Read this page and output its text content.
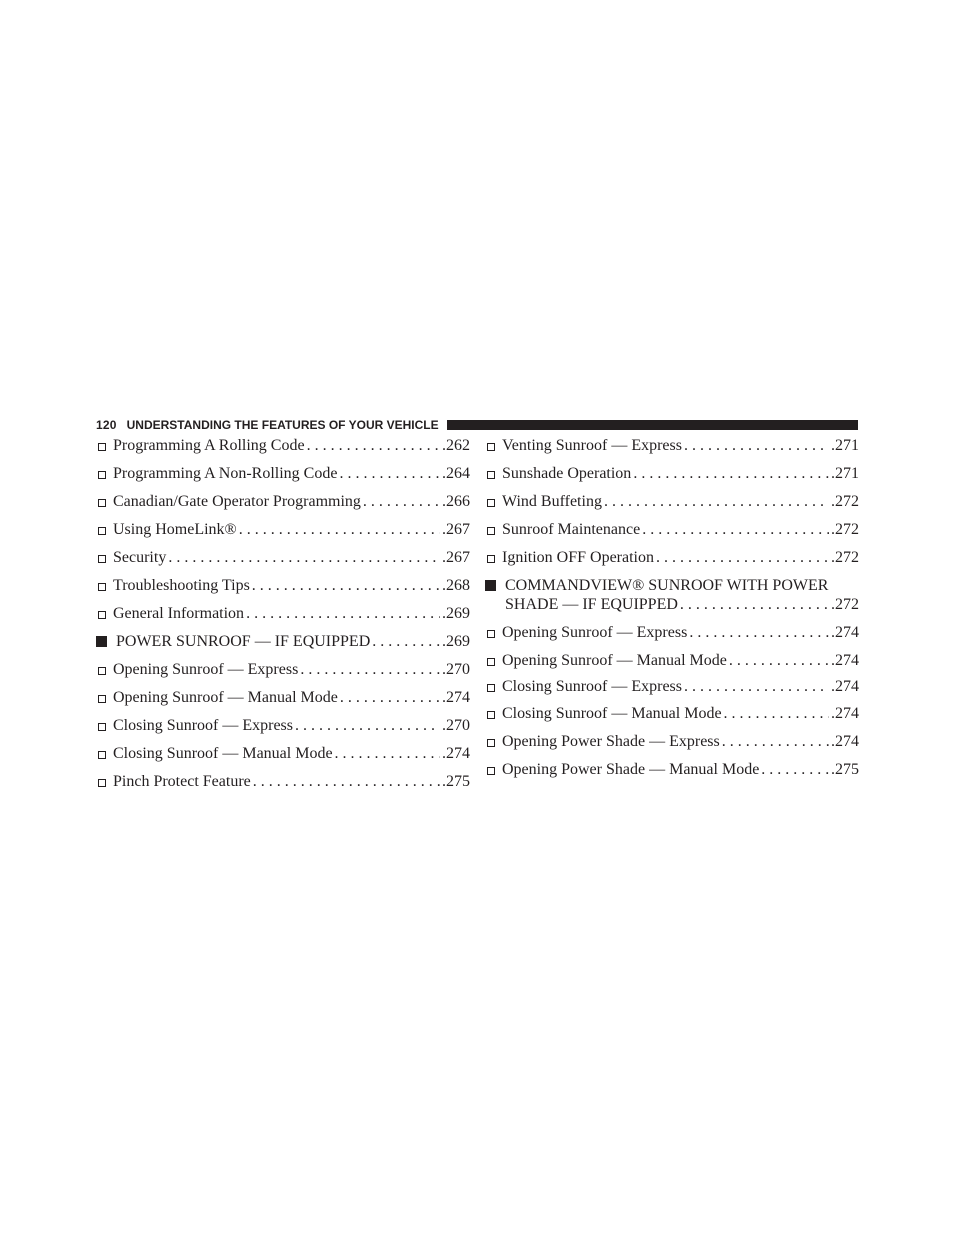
120 UNDERSTANDING THE FEATURES OF YOUR VEHICLE
Programming A Rolling Code . . .	.262
Programming A Non-Rolling Code . . .	.264
Canadian/Gate Operator Programming . . .	.266
Using HomeLink® . . .	.267
Security . . .	.267
Troubleshooting Tips . . .	.268
General Information . . .	.269
POWER SUNROOF — IF EQUIPPED . . .	.269
Opening Sunroof — Express . . .	.270
Opening Sunroof — Manual Mode . . .	.274
Closing Sunroof — Express . . .	.270
Closing Sunroof — Manual Mode . . .	.274
Pinch Protect Feature . . .	.275
Venting Sunroof — Express . . .	.271
Sunshade Operation . . .	.271
Wind Buffeting . . .	.272
Sunroof Maintenance . . .	.272
Ignition OFF Operation . . .	.272
COMMANDVIEW® SUNROOF WITH POWER
SHADE — IF EQUIPPED . . .	.272
Opening Sunroof — Express . . .	.274
Opening Sunroof — Manual Mode . . .	.274
Closing Sunroof — Express . . .	.274
Closing Sunroof — Manual Mode . . .	.274
Opening Power Shade — Express . . .	.274
Opening Power Shade — Manual Mode . . .	.275
